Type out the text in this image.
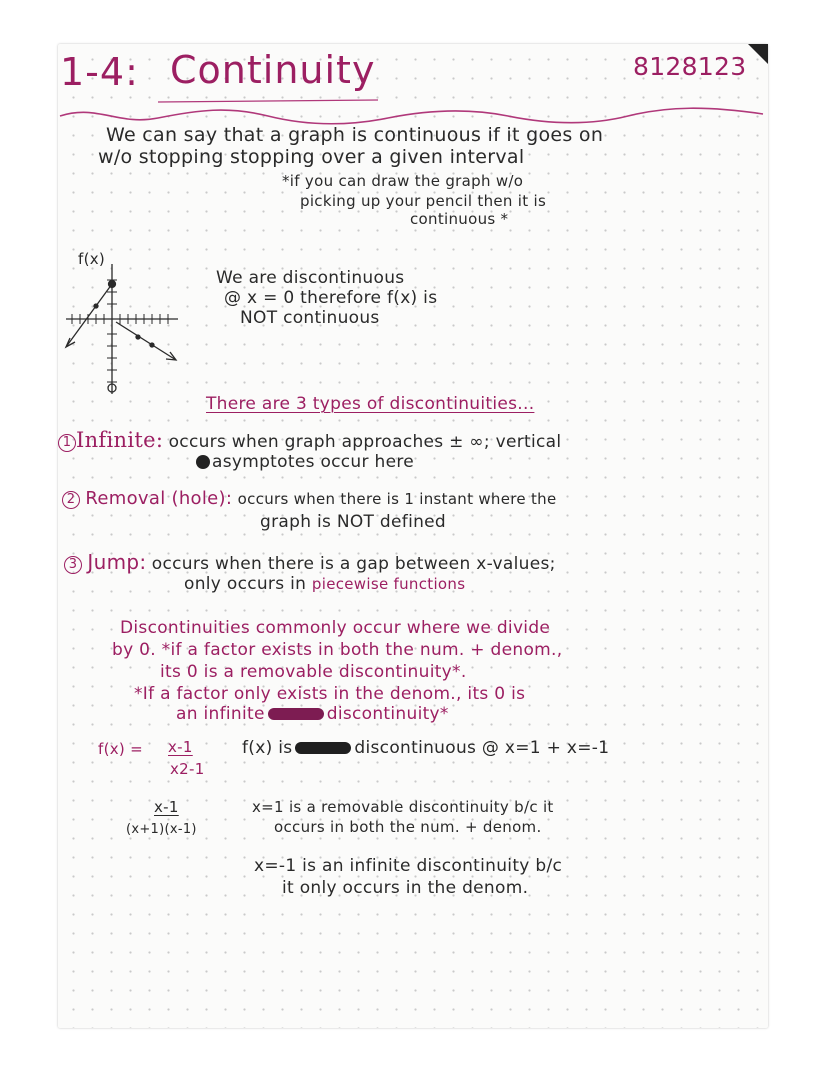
1-4: Continuity	8128123
We can say that a graph is continuous if it goes on
w/o stopping stopping over a given interval
*if you can draw the graph w/o
picking up your pencil then it is
continuous *
f(x)
We are discontinuous
@ x = 0 therefore f(x) is
NOT continuous
There are 3 types of discontinuities...
1 Infinite: occurs when graph approaches ± ∞; vertical
asymptotes occur here
2 Removal (hole): occurs when there is 1 instant where the
graph is NOT defined
3 Jump: occurs when there is a gap between x-values;
only occurs in piecewise functions
Discontinuities commonly occur where we divide
by 0. *if a factor exists in both the num. + denom.,
its 0 is a removable discontinuity*.
*If a factor only exists in the denom., its 0 is
an infinite	discontinuity*
f(x) = x-1
x2-1
f(x) is	discontinuous @ x=1 + x=-1
x-1
(x+1)(x-1)
x=1 is a removable discontinuity b/c it
occurs in both the num. + denom.
x=-1 is an infinite discontinuity b/c
it only occurs in the denom.
